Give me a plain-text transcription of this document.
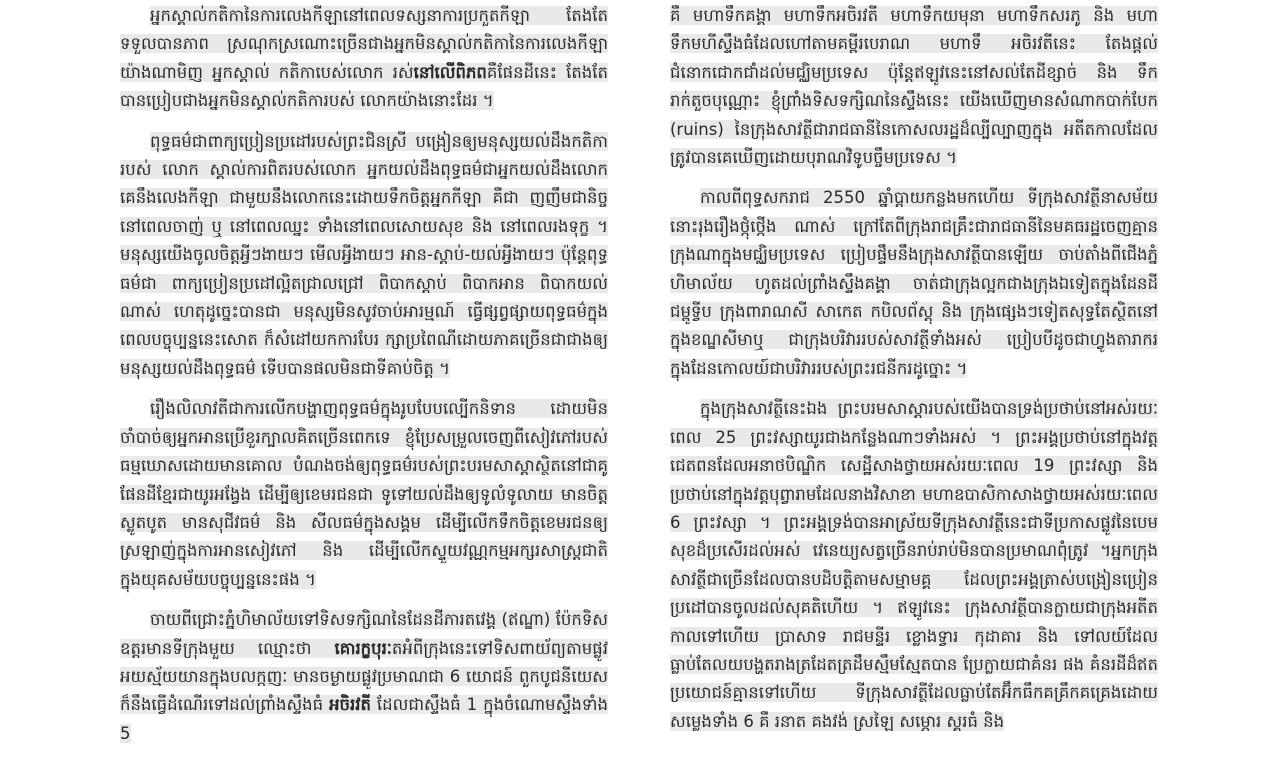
អ្នកស្គាល់កតិកានៃការលេងកីឡានៅពេលទស្សនាការប្រកួតកីឡា តែងតែទទួលបានភាព ស្រណុកស្រណោះច្រើនជាងអ្នកមិនស្គាល់កតិកានៃការលេងកីឡាយ៉ាងណាមិញ អ្នកស្គាល់ កតិកាបេស់លោក រស់នៅលើពិភពគឺផែនដីនេះ តែងតែបានប្រៀបជាងអ្នកមិនស្គាល់កតិការបស់ លោកយ៉ាងនោះដែរ ។

ពុទ្ធធម៌ជាពាក្យប្រៀនប្រដៅរបស់ព្រះជិនស្រី បង្រៀនឲ្យមនុស្សយល់ដឹងកតិការបស់ លោក ស្គាល់ការពិតរបស់លោក អ្នកយល់ដឹងពុទ្ធធម៌ជាអ្នកយល់ដឹងលោក គេនឹងលេងកីឡា ជាមួយនឹងលោកនេះដោយទឹកចិត្តអ្នកកីឡា គឺជា ញញឹមជានិច្ចនៅពេលចាញ់ ឬ នៅពេលឈ្នះ ទាំងនៅពេលសោយសុខ និង នៅពេលរងទុក្ខ ។ មនុស្សយើងចូលចិត្តអ្វីៗងាយៗ មើលអ្វីងាយៗ អាន-ស្តាប់-យល់អ្វីងាយៗ ប៉ុន្តែពុទ្ធធម៌ជា ពាក្យប្រៀនប្រដៅល្អិតជ្រាលជ្រៅ ពិបាកស្តាប់ ពិបាកអាន ពិបាកយល់ណាស់ ហេតុដូច្នេះបានជា មនុស្សមិនសូវចាប់អារម្មណ៍ ធ្វើផ្សព្វផ្សាយពុទ្ធធម៌ក្នុងពេលបច្ចុប្បន្ននេះសោត ក៏សំដៅយកការបែរ ក្សាប្រពៃណីដោយភាគច្រើនជាជាងឲ្យមនុស្សយល់ដឹងពុទ្ធធម៌ ទើបបានផលមិនជាទីគាប់ចិត្ត ។

រឿងលិលាវតីជាការលើកបង្ហាញពុទ្ធធម៌ក្នុងរូបបែបល្បើកនិទាន ដោយមិនចាំបាច់ឲ្យអ្នកអានប្រើខួរក្បាលគិតច្រើនពេកទេ ខ្ញុំប្រែសម្រួលចេញពីសៀវភៅរបស់ធម្មឃោសដោយមានគោល បំណងចង់ឲ្យពុទ្ធធម៌របស់ព្រះបរមសាស្ដាស្ថិតនៅជាគូផែនដីខ្មែរជាយូរអង្វែង ដើម្បីឲ្យខេមរជនជា ទូទៅយល់ដឹងឲ្យទូលំទូលាយ មានចិត្តស្លូតបូត មានសុជីវធម៌ និង សីលធម៌ក្នុងសង្គម ដើម្បីលើកទឹកចិត្តខេមរជនឲ្យស្រឡាញ់ក្នុងការអានសៀវភៅ និង ដើម្បីលើកស្ទួយវណ្ណកម្មអក្សរសាស្ត្រជាតិ ក្នុងយុគសម័យបច្ចុប្បន្ននេះផង ។

ចាយពីជ្រោះភ្នំហិមាល័យទៅទិសទក្សិណនៃដែនដីភារតវេង្គ (ឥណ្ឌា) ប៉ែកទិសឧត្តរមានទីក្រុងមួយ ឈ្មោះថា គោរក្ខបុរៈតអំពីក្រុងនេះទៅទិសពាយ័ព្យតាមផ្លូវអយស្ម័យយានក្នុងបលក្កញៈ មានចម្ងាយផ្លូវប្រមាណជា 6 យោជន៍ ពួកបូជនីយេសក៏នឹងធ្វើដំណើរទៅដល់ព្រាំងស្ទឹងធំ អចិរវតី ដែលជាស្ទឹងធំ 1 ក្នុងចំណោមស្ទឹងទាំង 5

គឺ មហាទឹកគង្គា មហាទឹកអចិរវតី មហាទឹកយមុនា មហាទឹកសរភូ និង មហាទឹកមហីស្ទឹងធំដែលហៅតាមគម្ពីរបេរាណ មហាទឹ អចិរវតីនេះ តែងផ្តល់ជំនោកជោកជាំដល់មជ្ឈិមប្រទេស ប៉ុន្តែឥឡូវនេះនៅសល់តែដីខ្សាច់ និង ទឹករាក់តួចបុណ្ណោះ ខ្ញុំព្រាំងទិសទក្សិណនៃស្ទឹងនេះ យើងឃើញមានសំណាកបាក់បែក (ruins) នៃក្រុងសាវត្ថីជារាជធានីនៃកោសលរដ្ឋដ៏ល្បីល្បាញក្នុង អតីតកាលដែលត្រូវបានគេឃើញដោយបុរាណវិទូបច្ចឹមប្រទេស ។

កាលពីពុទ្ធសករាជ 2550 ឆ្នាំប្តាយកន្លងមកហើយ ទីក្រុងសាវត្ថីនាសម័យនោះរុងរឿងថ្កុំថ្កើង ណាស់ ក្រៅតែពីក្រុងរាជគ្រឹះជារាជធានីនៃមគធរដ្ឋចេញគ្មានក្រុងណាក្នុងមជ្ឈិមប្រទេស ប្រៀបផ្ទឹមនឹងក្រុងសាវត្ថីបានឡើយ ចាប់តាំងពីជើងភ្នំហិមាល័យ ហូតដល់ព្រាំងស្ទឹងគង្គា ចាត់ជាក្រុងល្អកជាងក្រុងឯទៀតក្នុងដែនដីជម្ពូទ្វីប ក្រុងពារាណសី សាកេត កបិលព័ស្តុ និង ក្រុងផ្សេងៗទៀតសុទ្ធតែស្ថិតនៅក្នុងខណ្ឌសីមាឬ ជាក្រុងបរិវាររបស់សាវត្ថីទាំងអស់ ប្រៀបបីដូចជាហ្វូងតារាករក្នុងដែនកោលយ៍ជាបរិវាររបស់ព្រះរជនីករដូច្នោះ ។

ក្នុងក្រុងសាវត្ថីនេះឯង ព្រះបរមសាស្ដារបស់យើងបានទ្រង់ប្រថាប់នៅអស់រយៈពេល 25 ព្រះវស្សាយូរជាងកន្លែងណាៗទាំងអស់ ។ ព្រះអង្គប្រថាប់នៅក្នុងវត្តជេតពនដែលអនាថបិណ្ឌិក សេដ្ឋីសាងថ្វាយអស់រយៈពេល 19 ព្រះវស្សា និង ប្រថាប់នៅក្នុងវត្តបុព្វារាមដែលនាងវិសាខា មហាឧបាសិកាសាងថ្វាយអស់រយៈពេល 6 ព្រះវស្សា ។ ព្រះអង្គទ្រង់បានអាស្រ័យទីក្រុងសាវត្ថីនេះជាទីប្រកាសផ្លូវនៃបេមសុខដ៏ប្រសើរដល់អស់ វេនេយ្យសត្វច្រើនរាប់រាប់មិនបានប្រមាណពុំត្រូវ ។អ្នកក្រុងសាវត្ថីជាច្រើនដែលបានបដិបត្តិតាមសម្មាមគ្គ ដែលព្រះអង្គត្រាស់បង្រៀនប្រៀនប្រដៅបានចូលដល់សុគតិហើយ ។ ឥឡូវនេះ ក្រុងសាវត្ថីបានក្លាយជាក្រុងអតីតកាលទៅហើយ ប្រាសាទ រាជមន្ទីរ ខ្លោងទ្វារ កុដាគារ និង ទៅលយ៍ដែលធ្លាប់តែលយបង្ហតរាងត្រដែតត្រដឹមស្មឹមស្មែតបាន ប្រែក្លាយជាគំនរ ផង គំនរដីដ៏ឥតប្រយោជន៍គ្មានទៅហើយ ទីក្រុងសាវត្ថីដែលធ្លាប់តែអ៊ឹកធឹកគគ្រឹកគគ្រេងដោយ សម្លេងទាំង 6 គឺ រនាត គងវង់ ស្រឡៃ សម្ភោរ ស្គរធំ និង
